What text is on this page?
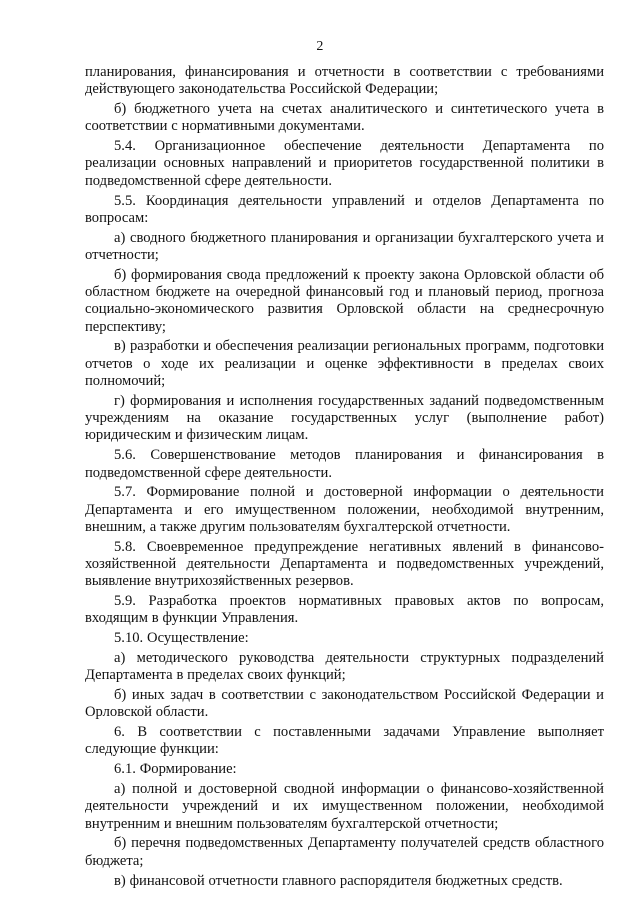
2

планирования, финансирования и отчетности в соответствии с требованиями действующего законодательства Российской Федерации;

б) бюджетного учета на счетах аналитического и синтетического учета в соответствии с нормативными документами.

5.4. Организационное обеспечение деятельности Департамента по реализации основных направлений и приоритетов государственной политики в подведомственной сфере деятельности.

5.5. Координация деятельности управлений и отделов Департамента по вопросам:

а) сводного бюджетного планирования и организации бухгалтерского учета и отчетности;

б) формирования свода предложений к проекту закона Орловской области об областном бюджете на очередной финансовый год и плановый период, прогноза социально-экономического развития Орловской области на среднесрочную перспективу;

в) разработки и обеспечения реализации региональных программ, подготовки отчетов о ходе их реализации и оценке эффективности в пределах своих полномочий;

г) формирования и исполнения государственных заданий подведомственным учреждениям на оказание государственных услуг (выполнение работ) юридическим и физическим лицам.

5.6. Совершенствование методов планирования и финансирования в подведомственной сфере деятельности.

5.7. Формирование полной и достоверной информации о деятельности Департамента и его имущественном положении, необходимой внутренним, внешним, а также другим пользователям бухгалтерской отчетности.

5.8. Своевременное предупреждение негативных явлений в финансово-хозяйственной деятельности Департамента и подведомственных учреждений, выявление внутрихозяйственных резервов.

5.9. Разработка проектов нормативных правовых актов по вопросам, входящим в функции Управления.

5.10. Осуществление:

а) методического руководства деятельности структурных подразделений Департамента в пределах своих функций;

б) иных задач в соответствии с законодательством Российской Федерации и Орловской области.

6. В соответствии с поставленными задачами Управление выполняет следующие функции:

6.1. Формирование:

а) полной и достоверной сводной информации о финансово-хозяйственной деятельности учреждений и их имущественном положении, необходимой внутренним и внешним пользователям бухгалтерской отчетности;

б) перечня подведомственных Департаменту получателей средств областного бюджета;

в) финансовой отчетности главного распорядителя бюджетных средств.
